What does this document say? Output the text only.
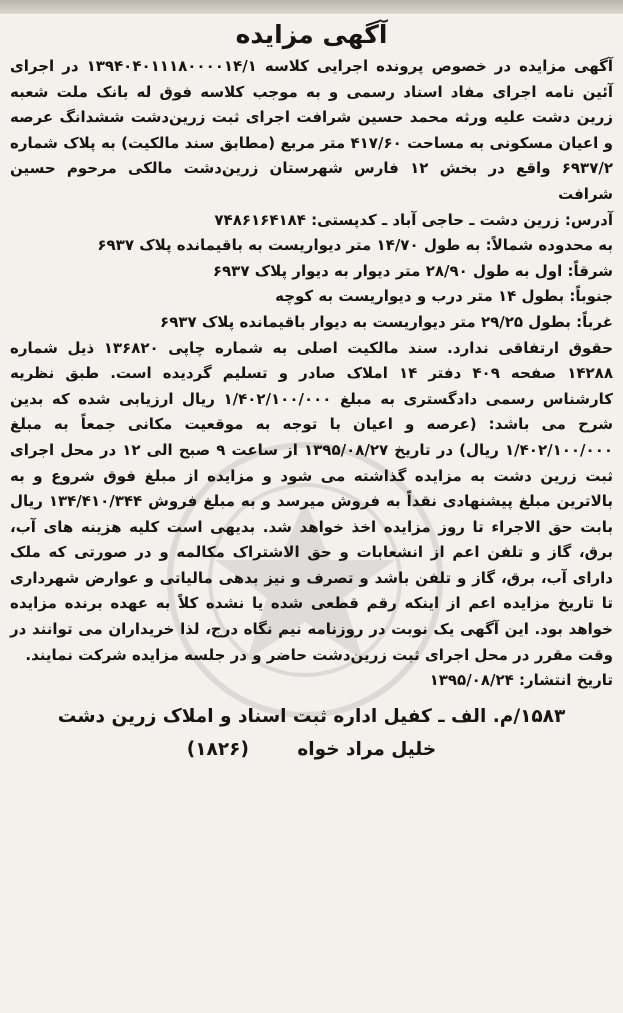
آگهی مزایده

آگهی مزایده در خصوص پرونده اجرایی کلاسه ۱۳۹۴۰۴۰۱۱۱۸۰۰۰۰۱۴/۱ در اجرای آئین نامه اجرای مفاد اسناد رسمی و به موجب کلاسه فوق له بانک ملت شعبه زرین دشت علیه ورثه محمد حسین شرافت اجرای ثبت زرین‌دشت ششدانگ عرصه و اعیان مسکونی به مساحت ۴۱۷/۶۰ متر مربع (مطابق سند مالکیت) به پلاک شماره ۶۹۳۷/۲ واقع در بخش ۱۲ فارس شهرستان زرین‌دشت مالکی مرحوم حسین شرافت

آدرس: زرین دشت ـ حاجی آباد ـ کدپستی: ۷۴۸۶۱۶۴۱۸۴

به محدوده شمالاً: به طول ۱۴/۷۰ متر دیواریست به باقیمانده پلاک ۶۹۳۷

شرقاً: اول به طول ۲۸/۹۰ متر دیوار به دیوار پلاک ۶۹۳۷

جنوباً: بطول ۱۴ متر درب و دیواریست به کوچه

غرباً: بطول ۲۹/۲۵ متر دیواریست به دیوار باقیمانده پلاک ۶۹۳۷

حقوق ارتفاقی ندارد. سند مالکیت اصلی به شماره چاپی ۱۳۶۸۲۰ ذیل شماره ۱۴۲۸۸ صفحه ۴۰۹ دفتر ۱۴ املاک صادر و تسلیم گردیده است. طبق نظریه کارشناس رسمی دادگستری به مبلغ ۱/۴۰۲/۱۰۰/۰۰۰ ریال ارزیابی شده که بدین شرح می باشد: (عرصه و اعیان با توجه به موقعیت مکانی جمعاً به مبلغ ۱/۴۰۲/۱۰۰/۰۰۰ ریال) در تاریخ ۱۳۹۵/۰۸/۲۷ از ساعت ۹ صبح الی ۱۲ در محل اجرای ثبت زرین دشت به مزایده گذاشته می شود و مزایده از مبلغ فوق شروع و به بالاترین مبلغ پیشنهادی نقداً به فروش میرسد و به مبلغ فروش ۱۳۴/۴۱۰/۳۴۴ ریال بابت حق الاجراء تا روز مزایده اخذ خواهد شد. بدیهی است کلیه هزینه های آب، برق، گاز و تلفن اعم از انشعابات و حق الاشتراک مکالمه و در صورتی که ملک دارای آب، برق، گاز و تلفن باشد و تصرف و نیز بدهی مالیاتی و عوارض شهرداری تا تاریخ مزایده اعم از اینکه رقم قطعی شده یا نشده کلاً به عهده برنده مزایده خواهد بود. این آگهی یک نوبت در روزنامه نیم نگاه درج، لذا خریداران می توانند در وقت مقرر در محل اجرای ثبت زرین‌دشت حاضر و در جلسه مزایده شرکت نمایند.

تاریخ انتشار: ۱۳۹۵/۰۸/۲۴

۱۵۸۳/م. الف ـ کفیل اداره ثبت اسناد و املاک زرین دشت
خلیل مراد خواه (۱۸۲۶)
